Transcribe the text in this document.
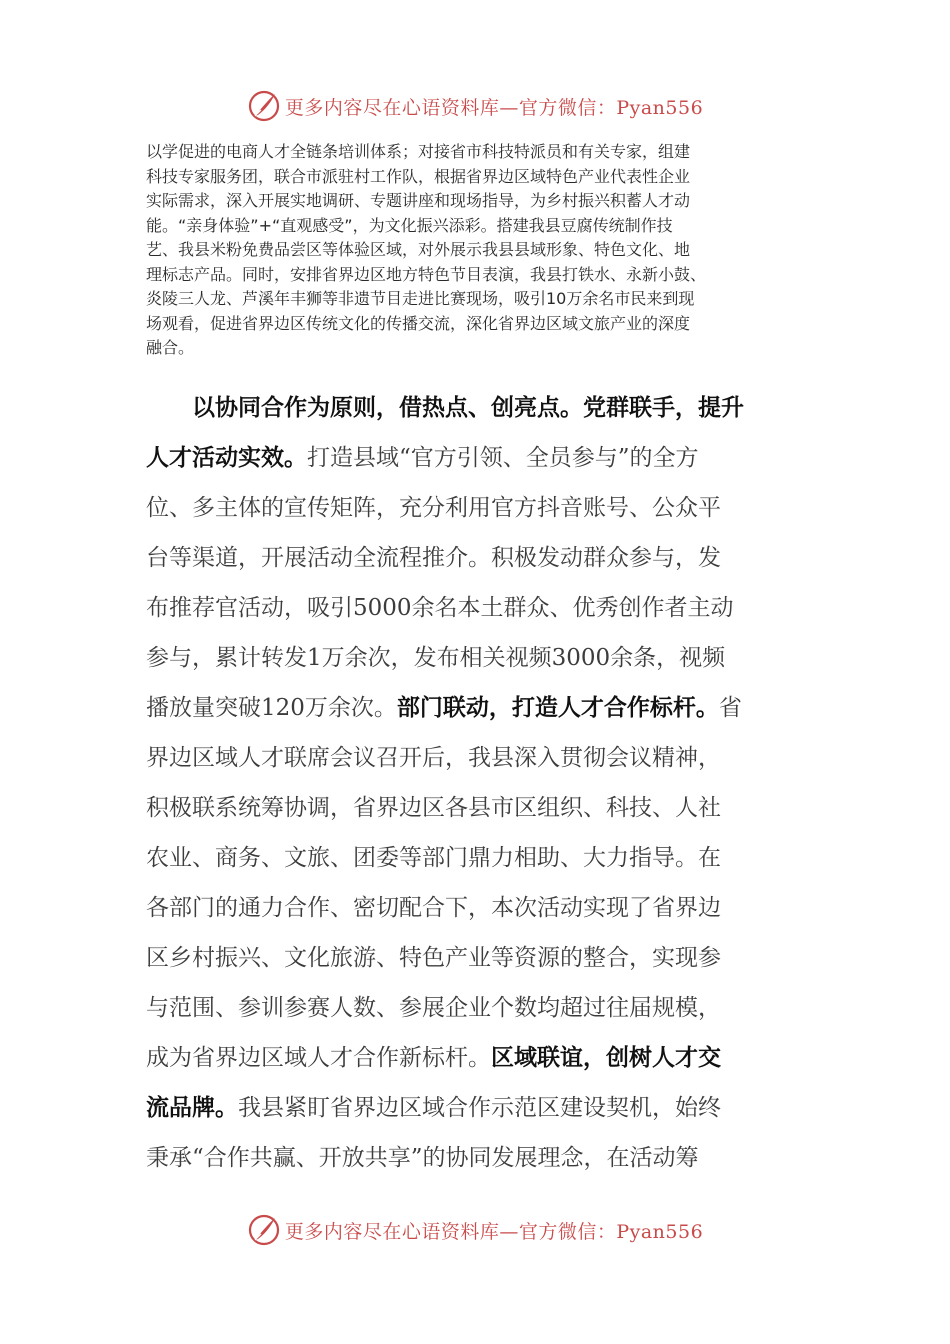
更多内容尽在心语资料库—官方微信：Pyan556
以学促进的电商人才全链条培训体系；对接省市科技特派员和有关专家，组建
科技专家服务团，联合市派驻村工作队，根据省界边区域特色产业代表性企业
实际需求，深入开展实地调研、专题讲座和现场指导，为乡村振兴积蓄人才动
能。“亲身体验”+“直观感受”，为文化振兴添彩。搭建我县豆腐传统制作技
艺、我县米粉免费品尝区等体验区域，对外展示我县县域形象、特色文化、地
理标志产品。同时，安排省界边区地方特色节目表演，我县打铁水、永新小鼓、
炎陵三人龙、芦溪年丰狮等非遗节目走进比赛现场，吸引10万余名市民来到现
场观看，促进省界边区传统文化的传播交流，深化省界边区域文旅产业的深度
融合。
　　以协同合作为原则，借热点、创亮点。党群联手，提升
人才活动实效。打造县域“官方引领、全员参与”的全方
位、多主体的宣传矩阵，充分利用官方抖音账号、公众平
台等渠道，开展活动全流程推介。积极发动群众参与，发
布推荐官活动，吸引5000余名本土群众、优秀创作者主动
参与，累计转发1万余次，发布相关视频3000余条，视频
播放量突破120万余次。部门联动，打造人才合作标杆。省
界边区域人才联席会议召开后，我县深入贯彻会议精神，
积极联系统筹协调，省界边区各县市区组织、科技、人社
农业、商务、文旅、团委等部门鼎力相助、大力指导。在
各部门的通力合作、密切配合下，本次活动实现了省界边
区乡村振兴、文化旅游、特色产业等资源的整合，实现参
与范围、参训参赛人数、参展企业个数均超过往届规模，
成为省界边区域人才合作新标杆。区域联谊，创树人才交
流品牌。我县紧盯省界边区域合作示范区建设契机，始终
秉承“合作共赢、开放共享”的协同发展理念，在活动筹
更多内容尽在心语资料库—官方微信：Pyan556
